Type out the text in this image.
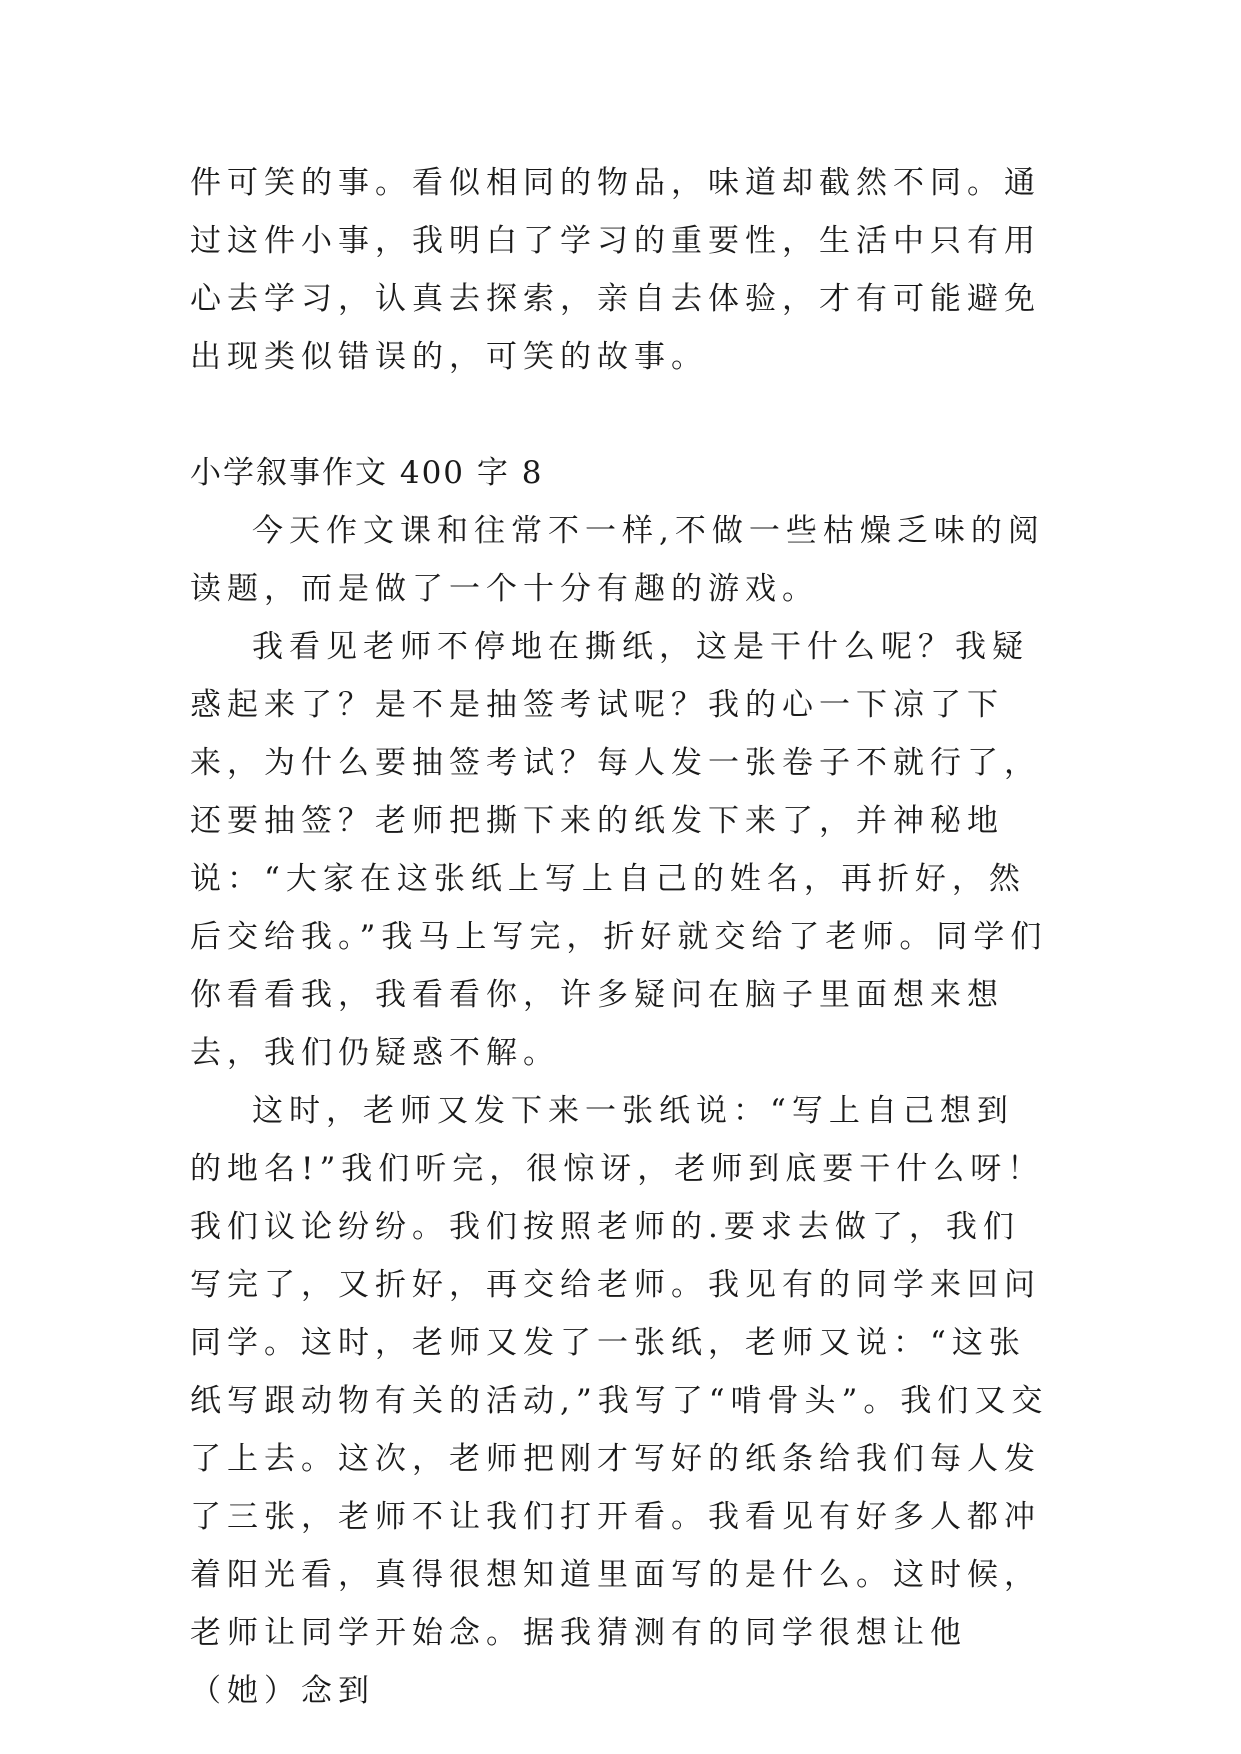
件可笑的事。看似相同的物品，味道却截然不同。通过这件小事，我明白了学习的重要性，生活中只有用心去学习，认真去探索，亲自去体验，才有可能避免出现类似错误的，可笑的故事。

小学叙事作文 400 字 8

今天作文课和往常不一样,不做一些枯燥乏味的阅读题，而是做了一个十分有趣的游戏。

我看见老师不停地在撕纸，这是干什么呢？我疑惑起来了？是不是抽签考试呢？我的心一下凉了下来，为什么要抽签考试？每人发一张卷子不就行了，还要抽签？老师把撕下来的纸发下来了，并神秘地说：“大家在这张纸上写上自己的姓名，再折好，然后交给我。”我马上写完，折好就交给了老师。同学们你看看我，我看看你，许多疑问在脑子里面想来想去，我们仍疑惑不解。

这时，老师又发下来一张纸说：“写上自己想到的地名!”我们听完，很惊讶，老师到底要干什么呀！我们议论纷纷。我们按照老师的.要求去做了，我们写完了，又折好，再交给老师。我见有的同学来回问同学。这时，老师又发了一张纸，老师又说：“这张纸写跟动物有关的活动,”我写了“啃骨头”。我们又交了上去。这次，老师把刚才写好的纸条给我们每人发了三张，老师不让我们打开看。我看见有好多人都冲着阳光看，真得很想知道里面写的是什么。这时候，老师让同学开始念。据我猜测有的同学很想让他（她）念到
